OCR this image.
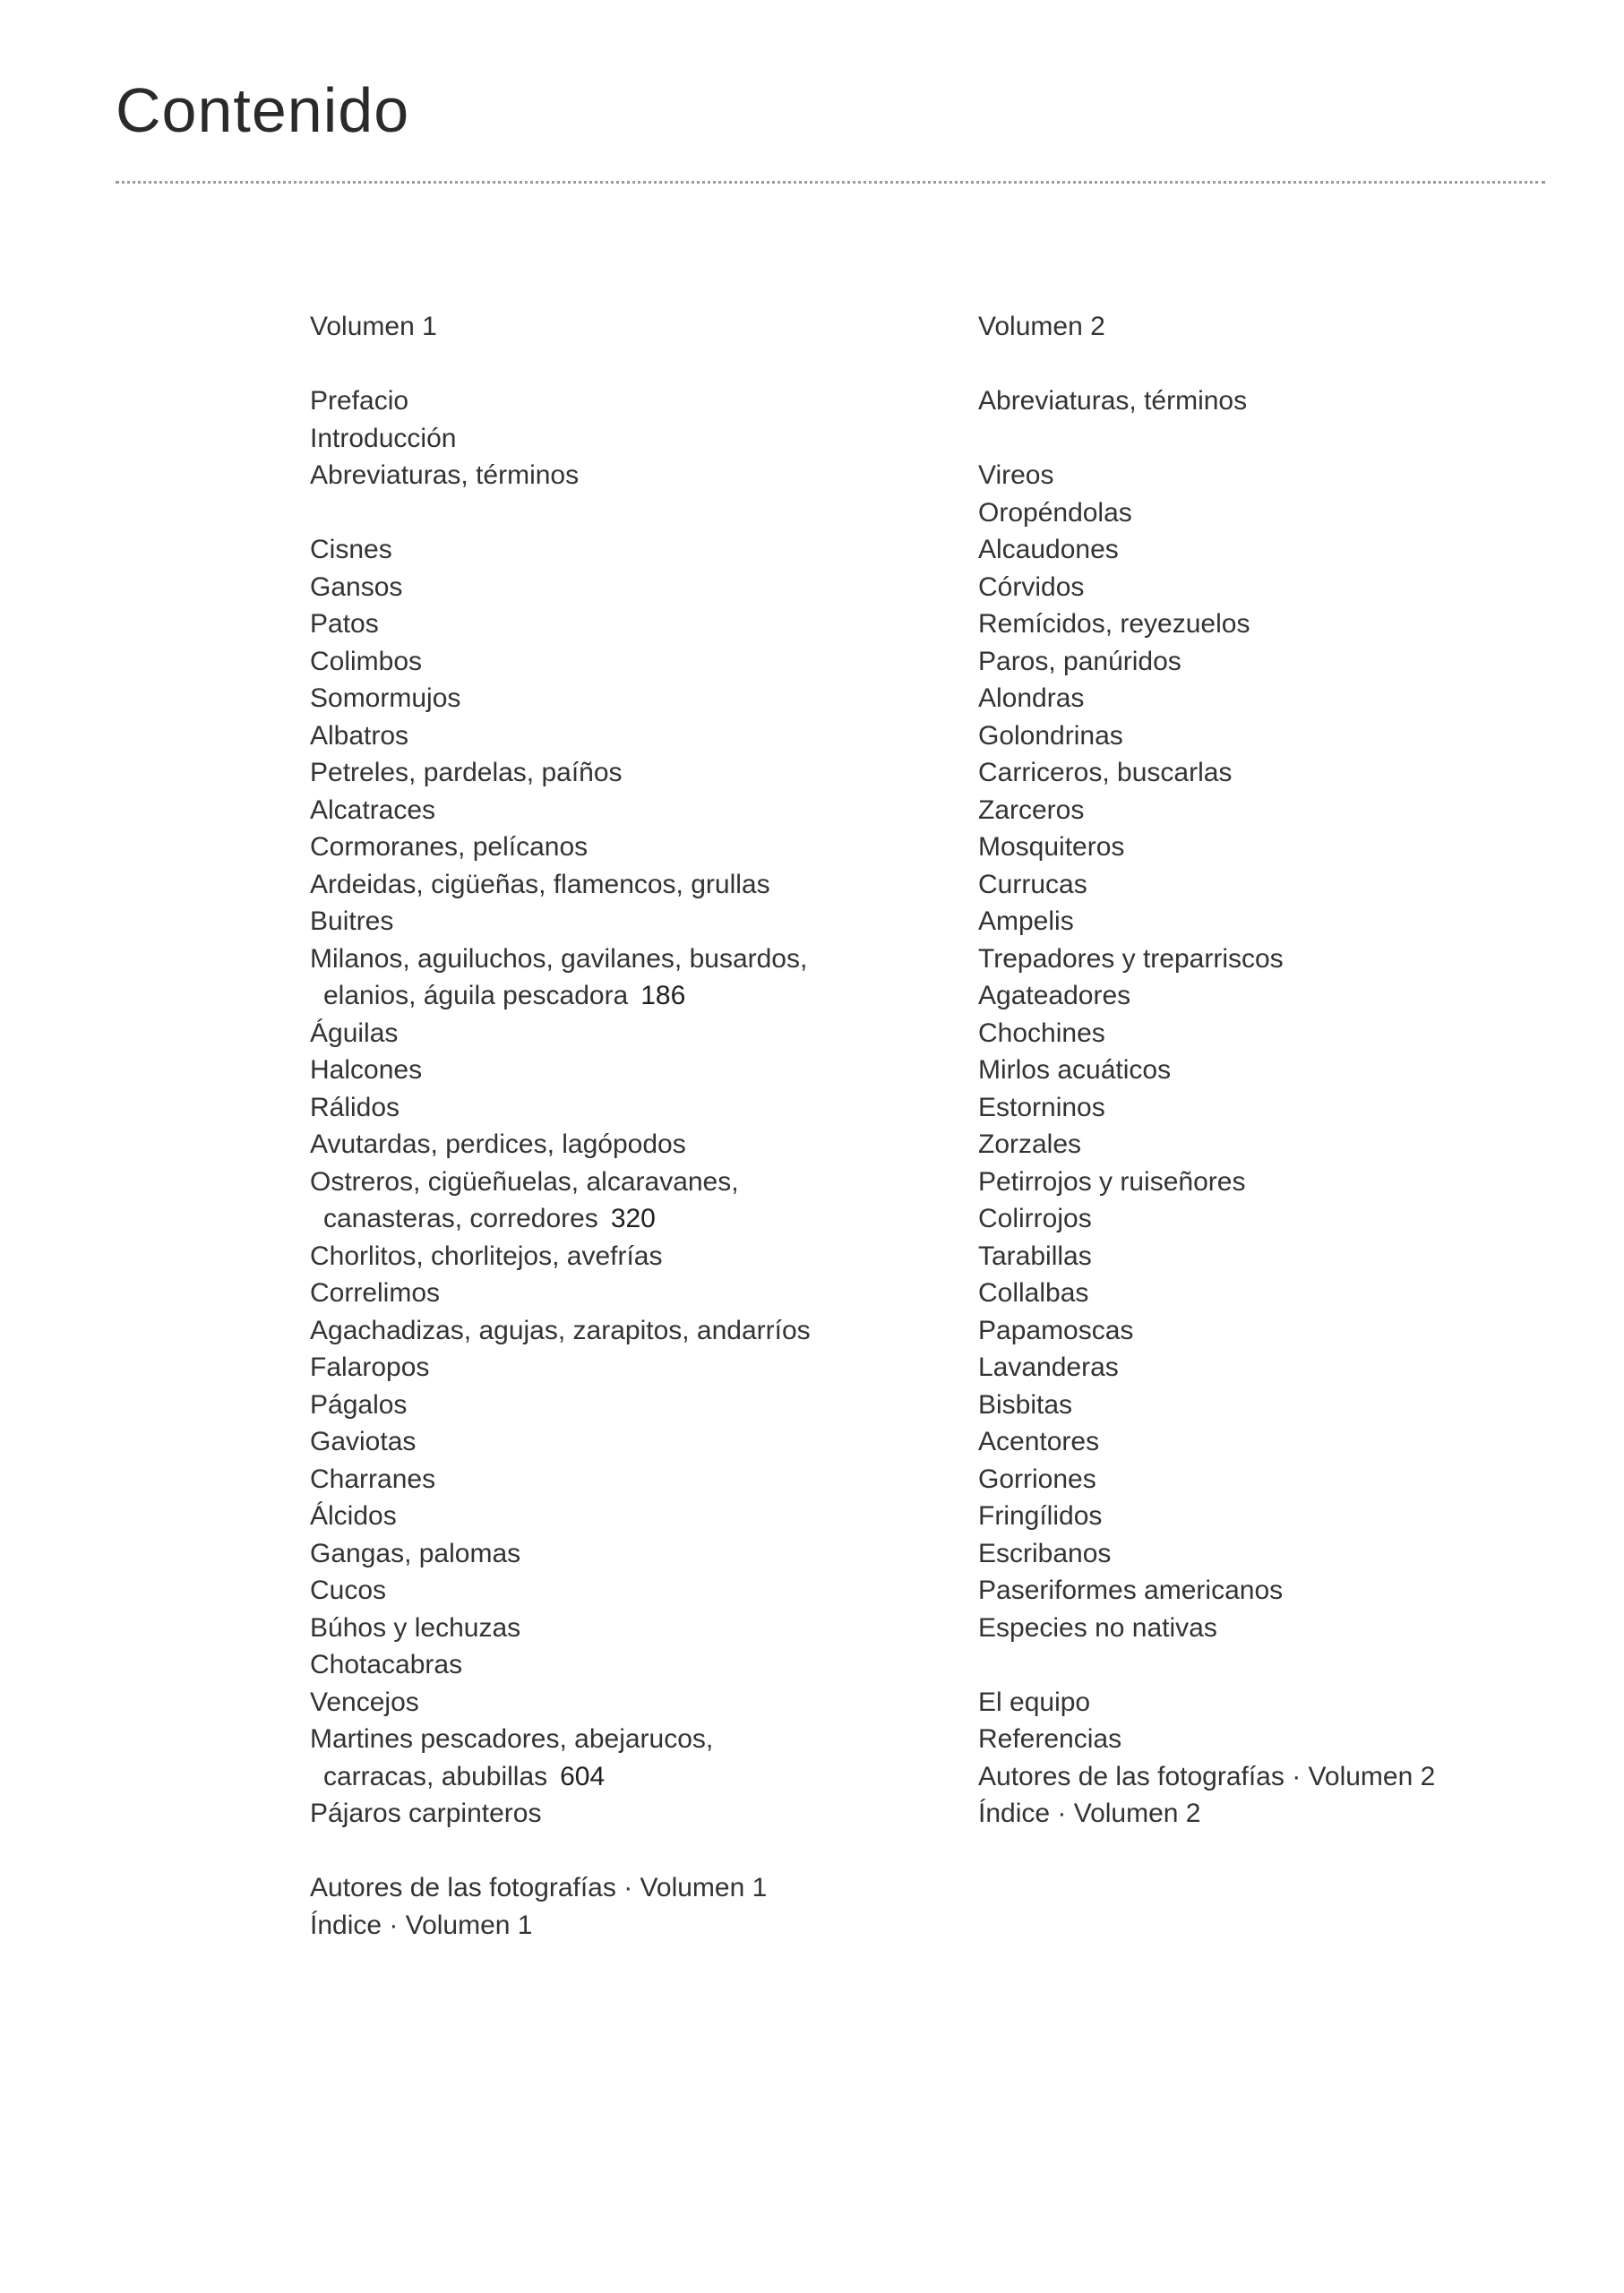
Contenido
Volumen 1
Prefacio
Introducción
Abreviaturas, términos
Cisnes
Gansos
Patos
Colimbos
Somormujos
Albatros
Petreles, pardelas, paíños
Alcatraces
Cormoranes, pelícanos
Ardeidas, cigüeñas, flamencos, grullas
Buitres
Milanos, aguiluchos, gavilanes, busardos,
elanios, águila pescadora 186
Águilas
Halcones
Rálidos
Avutardas, perdices, lagópodos
Ostreros, cigüeñuelas, alcaravanes,
canasteras, corredores 320
Chorlitos, chorlitejos, avefrías
Correlimos
Agachadizas, agujas, zarapitos, andarríos
Falaropos
Págalos
Gaviotas
Charranes
Álcidos
Gangas, palomas
Cucos
Búhos y lechuzas
Chotacabras
Vencejos
Martines pescadores, abejarucos,
carracas, abubillas 604
Pájaros carpinteros
Autores de las fotografías · Volumen 1
Índice · Volumen 1
Volumen 2
Abreviaturas, términos
Vireos
Oropéndolas
Alcaudones
Córvidos
Remícidos, reyezuelos
Paros, panúridos
Alondras
Golondrinas
Carriceros, buscarlas
Zarceros
Mosquiteros
Currucas
Ampelis
Trepadores y treparriscos
Agateadores
Chochines
Mirlos acuáticos
Estorninos
Zorzales
Petirrojos y ruiseñores
Colirrojos
Tarabillas
Collalbas
Papamoscas
Lavanderas
Bisbitas
Acentores
Gorriones
Fringílidos
Escribanos
Paseriformes americanos
Especies no nativas
El equipo
Referencias
Autores de las fotografías · Volumen 2
Índice · Volumen 2
